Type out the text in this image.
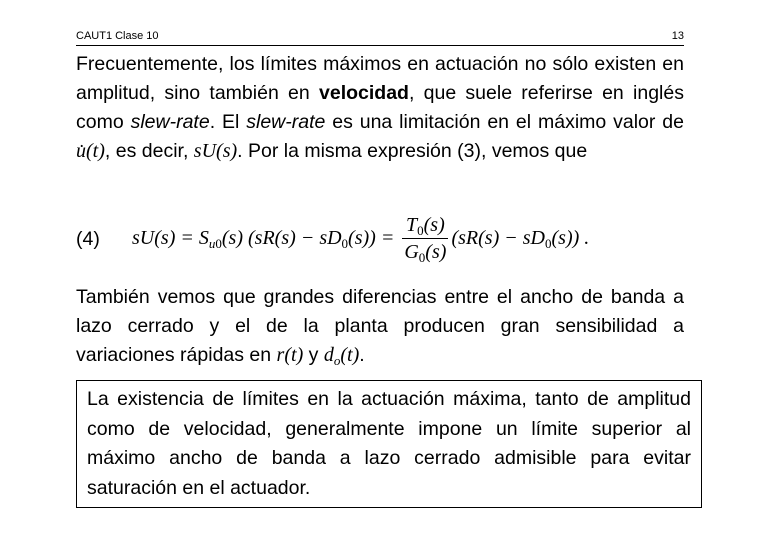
CAUT1 Clase 10	13
Frecuentemente, los límites máximos en actuación no sólo existen en amplitud, sino también en velocidad, que suele referirse en inglés como slew-rate. El slew-rate es una limitación en el máximo valor de u̇(t), es decir, sU(s). Por la misma expresión (3), vemos que
(4) $sU(s) = S_{u0}(s) (sR(s) - sD_0(s)) = \frac{T_0(s)}{G_0(s)} (sR(s) - sD_0(s))$ .
También vemos que grandes diferencias entre el ancho de banda a lazo cerrado y el de la planta producen gran sensibilidad a variaciones rápidas en r(t) y $d_o(t)$.
La existencia de límites en la actuación máxima, tanto de amplitud como de velocidad, generalmente impone un límite superior al máximo ancho de banda a lazo cerrado admisible para evitar saturación en el actuador.
